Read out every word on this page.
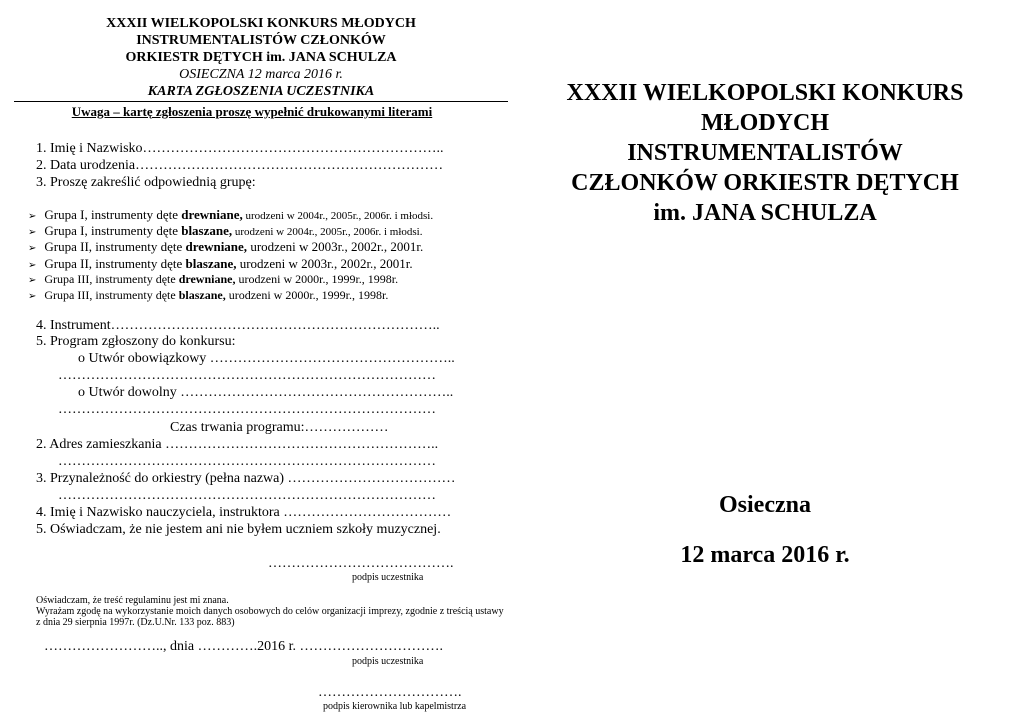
XXXII WIELKOPOLSKI KONKURS MŁODYCH
INSTRUMENTALISTÓW CZŁONKÓW
ORKIESTR DĘTYCH im. JANA SCHULZA
OSIECZNA 12 marca 2016 r.
KARTA ZGŁOSZENIA UCZESTNIKA
Uwaga – kartę zgłoszenia proszę wypełnić drukowanymi literami
1. Imię i Nazwisko………………………………………………………..
2. Data urodzenia…………………………………………………………
3. Proszę zakreślić odpowiednią grupę:
➢ Grupa I, instrumenty dęte drewniane, urodzeni w 2004r., 2005r., 2006r. i młodsi.
➢ Grupa I, instrumenty dęte blaszane, urodzeni w 2004r., 2005r., 2006r. i młodsi.
➢ Grupa II, instrumenty dęte drewniane, urodzeni w 2003r., 2002r., 2001r.
➢ Grupa II, instrumenty dęte blaszane, urodzeni w 2003r., 2002r., 2001r.
➢ Grupa III, instrumenty dęte drewniane, urodzeni w 2000r., 1999r., 1998r.
➢ Grupa III, instrumenty dęte blaszane, urodzeni w 2000r., 1999r., 1998r.
4. Instrument……………………………………………………………..
5. Program zgłoszony do konkursu:
o Utwór obowiązkowy ……………………………………………..
………………………………………………………………………
o Utwór dowolny …………………………………………………..
………………………………………………………………………
Czas trwania programu:………………
2. Adres zamieszkania …………………………………………………..
………………………………………………………………………
3. Przynależność do orkiestry (pełna nazwa) ………………………………
………………………………………………………………………
4. Imię i Nazwisko nauczyciela, instruktora ………………………………
5. Oświadczam, że nie jestem ani nie byłem uczniem szkoły muzycznej.
………………………………….
podpis uczestnika
Oświadczam, że treść regulaminu jest mi znana.
Wyrażam zgodę na wykorzystanie moich danych osobowych do celów organizacji imprezy, zgodnie z treścią ustawy
z dnia 29 sierpnia 1997r. (Dz.U.Nr. 133 poz. 883)
…………………….., dnia ………….2016 r. ………………………….
podpis uczestnika
………………………….
podpis kierownika lub kapelmistrza
XXXII WIELKOPOLSKI KONKURS
MŁODYCH
INSTRUMENTALISTÓW
CZŁONKÓW ORKIESTR DĘTYCH
im. JANA SCHULZA
Osieczna
12 marca 2016 r.
